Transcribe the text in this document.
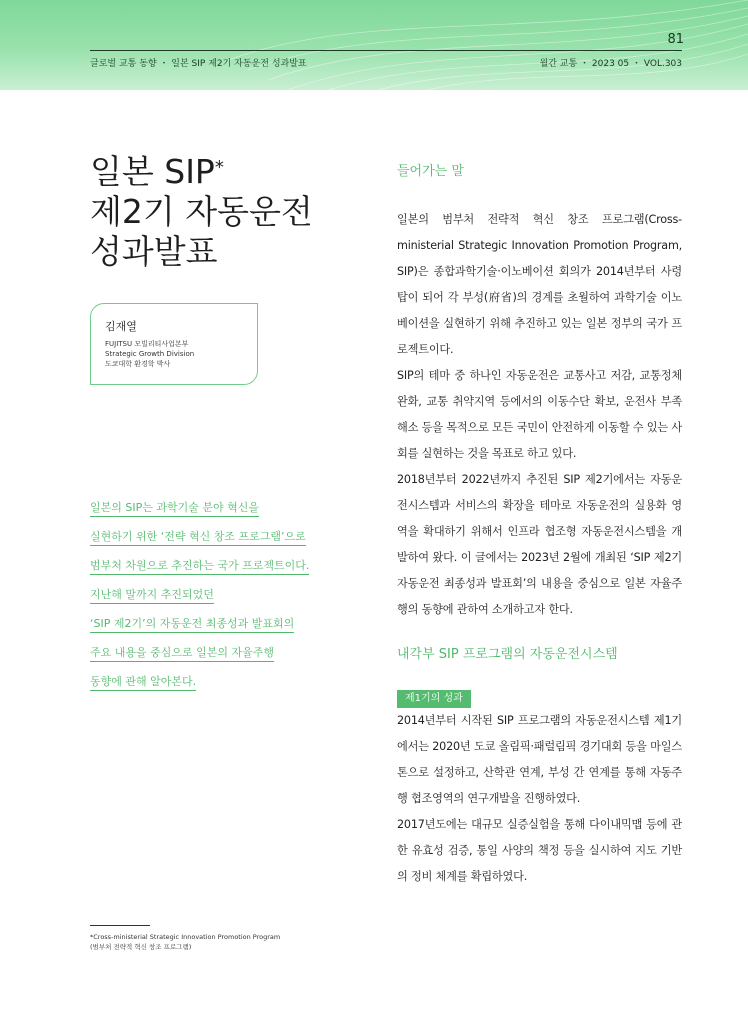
81
글로벌 교통 동향 ・ 일본 SIP 제2기 자동운전 성과발표	월간 교통 ・ 2023 05 ・ VOL.303
일본 SIP*
제2기 자동운전
성과발표
김재열
FUJITSU 모빌리티사업본부
Strategic Growth Division
도쿄대학 환경학 박사
일본의 SIP는 과학기술 분야 혁신을
실현하기 위한 ‘전략 혁신 창조 프로그램’으로
범부처 차원으로 추진하는 국가 프로젝트이다.
지난해 말까지 추진되었던
‘SIP 제2기’의 자동운전 최종성과 발표회의
주요 내용을 중심으로 일본의 자율주행
동향에 관해 알아본다.
*Cross-ministerial Strategic Innovation Promotion Program
(범부처 전략적 혁신 창조 프로그램)
들어가는 말

일본의 범부처 전략적 혁신 창조 프로그램(Cross-ministerial Strategic Innovation Promotion Program, SIP)은 종합과학기술·이노베이션 회의가 2014년부터 사령탑이 되어 각 부성(府省)의 경계를 초월하여 과학기술 이노베이션을 실현하기 위해 추진하고 있는 일본 정부의 국가 프로젝트이다.

SIP의 테마 중 하나인 자동운전은 교통사고 저감, 교통정체 완화, 교통 취약지역 등에서의 이동수단 확보, 운전사 부족 해소 등을 목적으로 모든 국민이 안전하게 이동할 수 있는 사회를 실현하는 것을 목표로 하고 있다.

2018년부터 2022년까지 추진된 SIP 제2기에서는 자동운전시스템과 서비스의 확장을 테마로 자동운전의 실용화 영역을 확대하기 위해서 인프라 협조형 자동운전시스템을 개발하여 왔다. 이 글에서는 2023년 2월에 개최된 ‘SIP 제2기 자동운전 최종성과 발표회’의 내용을 중심으로 일본 자율주행의 동향에 관하여 소개하고자 한다.

내각부 SIP 프로그램의 자동운전시스템
제1기의 성과

2014년부터 시작된 SIP 프로그램의 자동운전시스템 제1기에서는 2020년 도쿄 올림픽·패럴림픽 경기대회 등을 마일스톤으로 설정하고, 산학관 연계, 부성 간 연계를 통해 자동주행 협조영역의 연구개발을 진행하였다.

2017년도에는 대규모 실증실험을 통해 다이내믹맵 등에 관한 유효성 검증, 통일 사양의 책정 등을 실시하여 지도 기반의 정비 체계를 확립하였다.
